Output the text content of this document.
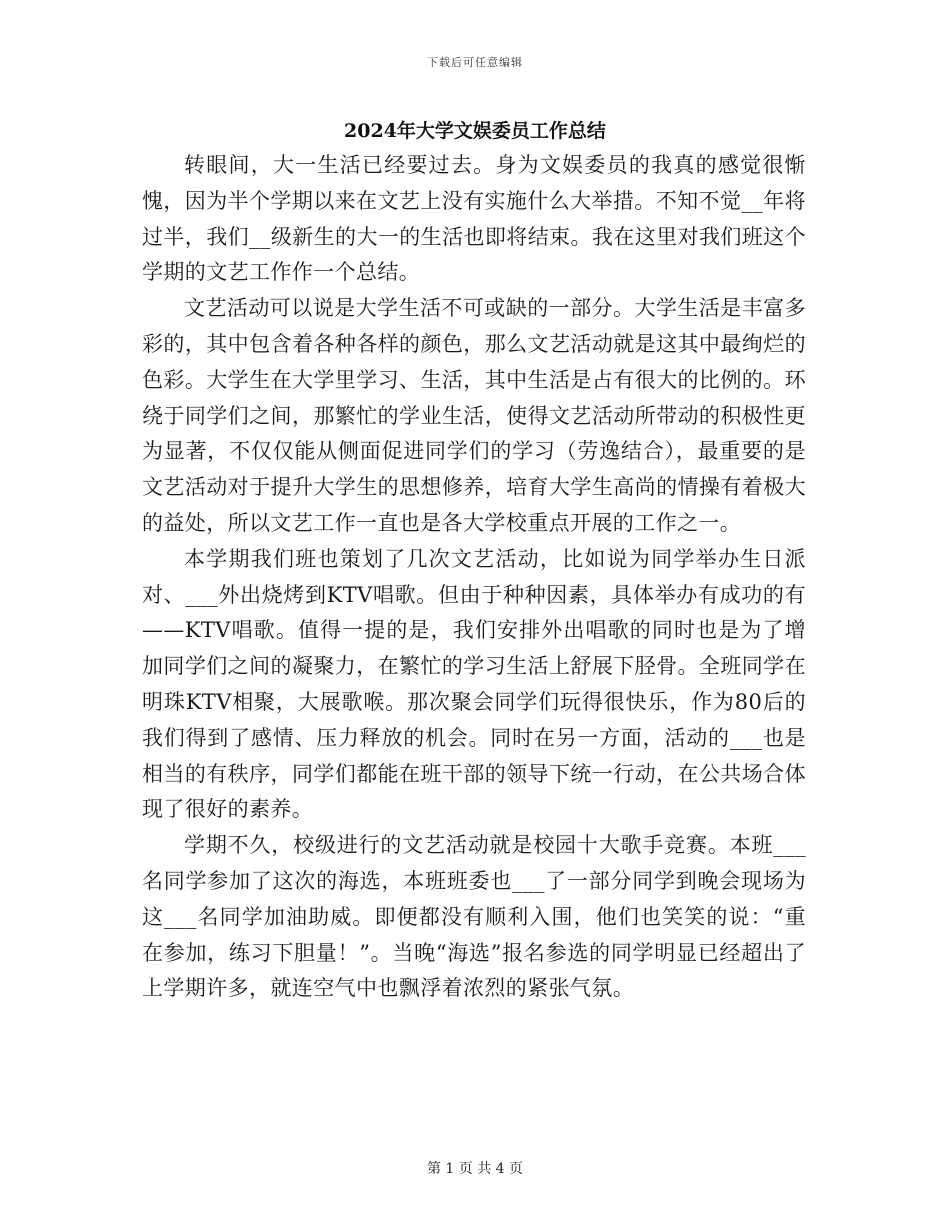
下载后可任意编辑
2024年大学文娱委员工作总结

转眼间，大一生活已经要过去。身为文娱委员的我真的感觉很惭愧，因为半个学期以来在文艺上没有实施什么大举措。不知不觉__年将过半，我们__级新生的大一的生活也即将结束。我在这里对我们班这个学期的文艺工作作一个总结。

文艺活动可以说是大学生活不可或缺的一部分。大学生活是丰富多彩的，其中包含着各种各样的颜色，那么文艺活动就是这其中最绚烂的色彩。大学生在大学里学习、生活，其中生活是占有很大的比例的。环绕于同学们之间，那繁忙的学业生活，使得文艺活动所带动的积极性更为显著，不仅仅能从侧面促进同学们的学习（劳逸结合），最重要的是文艺活动对于提升大学生的思想修养，培育大学生高尚的情操有着极大的益处，所以文艺工作一直也是各大学校重点开展的工作之一。

本学期我们班也策划了几次文艺活动，比如说为同学举办生日派对、___外出烧烤到KTV唱歌。但由于种种因素，具体举办有成功的有——KTV唱歌。值得一提的是，我们安排外出唱歌的同时也是为了增加同学们之间的凝聚力，在繁忙的学习生活上舒展下胫骨。全班同学在明珠KTV相聚，大展歌喉。那次聚会同学们玩得很快乐，作为80后的我们得到了感情、压力释放的机会。同时在另一方面，活动的___也是相当的有秩序，同学们都能在班干部的领导下统一行动，在公共场合体现了很好的素养。

学期不久，校级进行的文艺活动就是校园十大歌手竞赛。本班___名同学参加了这次的海选，本班班委也___了一部分同学到晚会现场为这___名同学加油助威。即便都没有顺利入围，他们也笑笑的说：“重在参加，练习下胆量！”。当晚“海选”报名参选的同学明显已经超出了上学期许多，就连空气中也飘浮着浓烈的紧张气氛。

第 1 页 共 4 页
